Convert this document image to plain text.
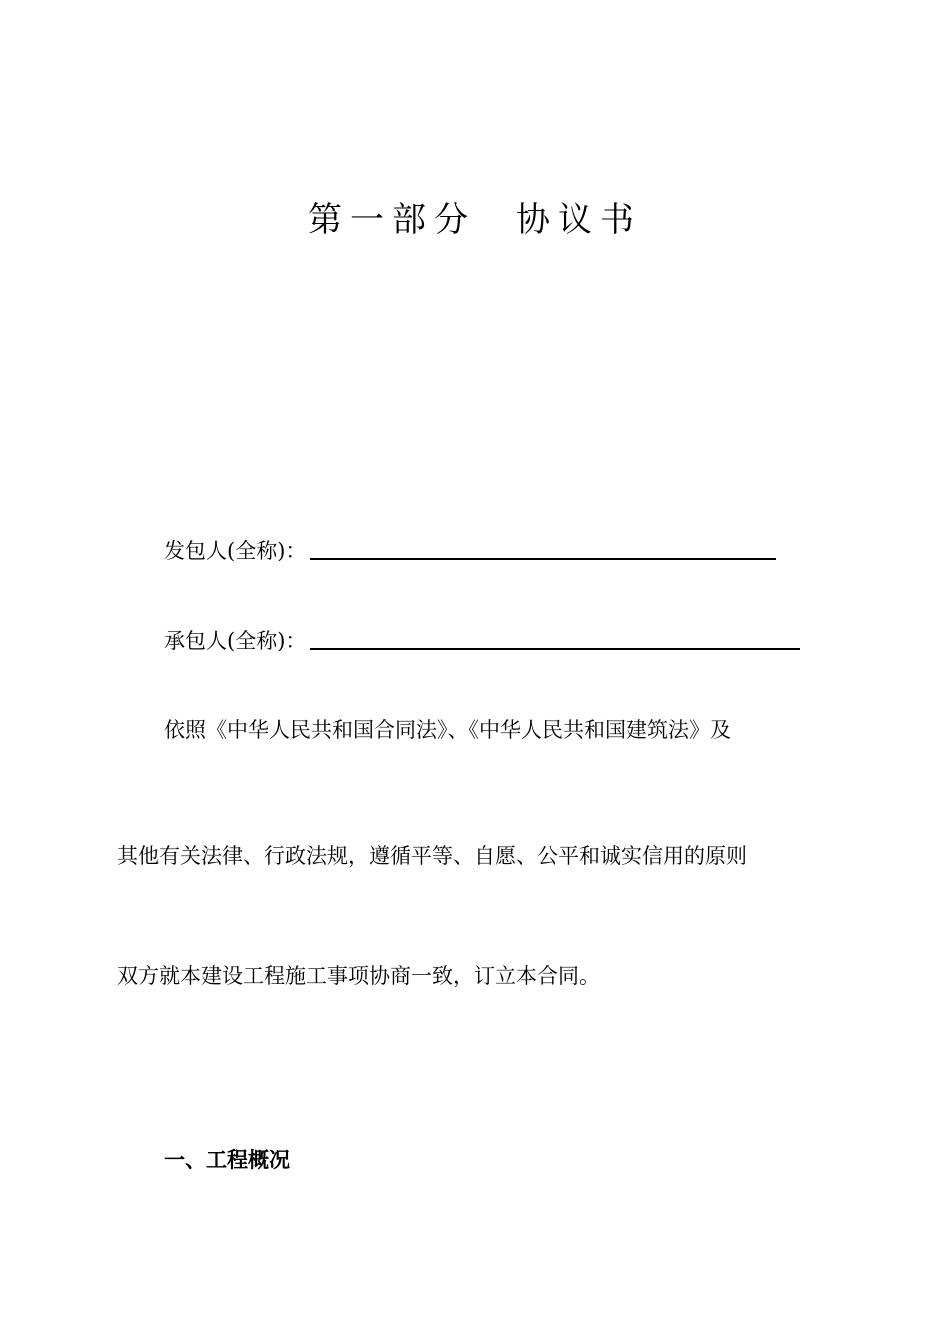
第一部分 协议书
发包人(全称)：
承包人(全称)：
依照《中华人民共和国合同法》、《中华人民共和国建筑法》及
其他有关法律、行政法规，遵循平等、自愿、公平和诚实信用的原则
双方就本建设工程施工事项协商一致，订立本合同。
一、工程概况
